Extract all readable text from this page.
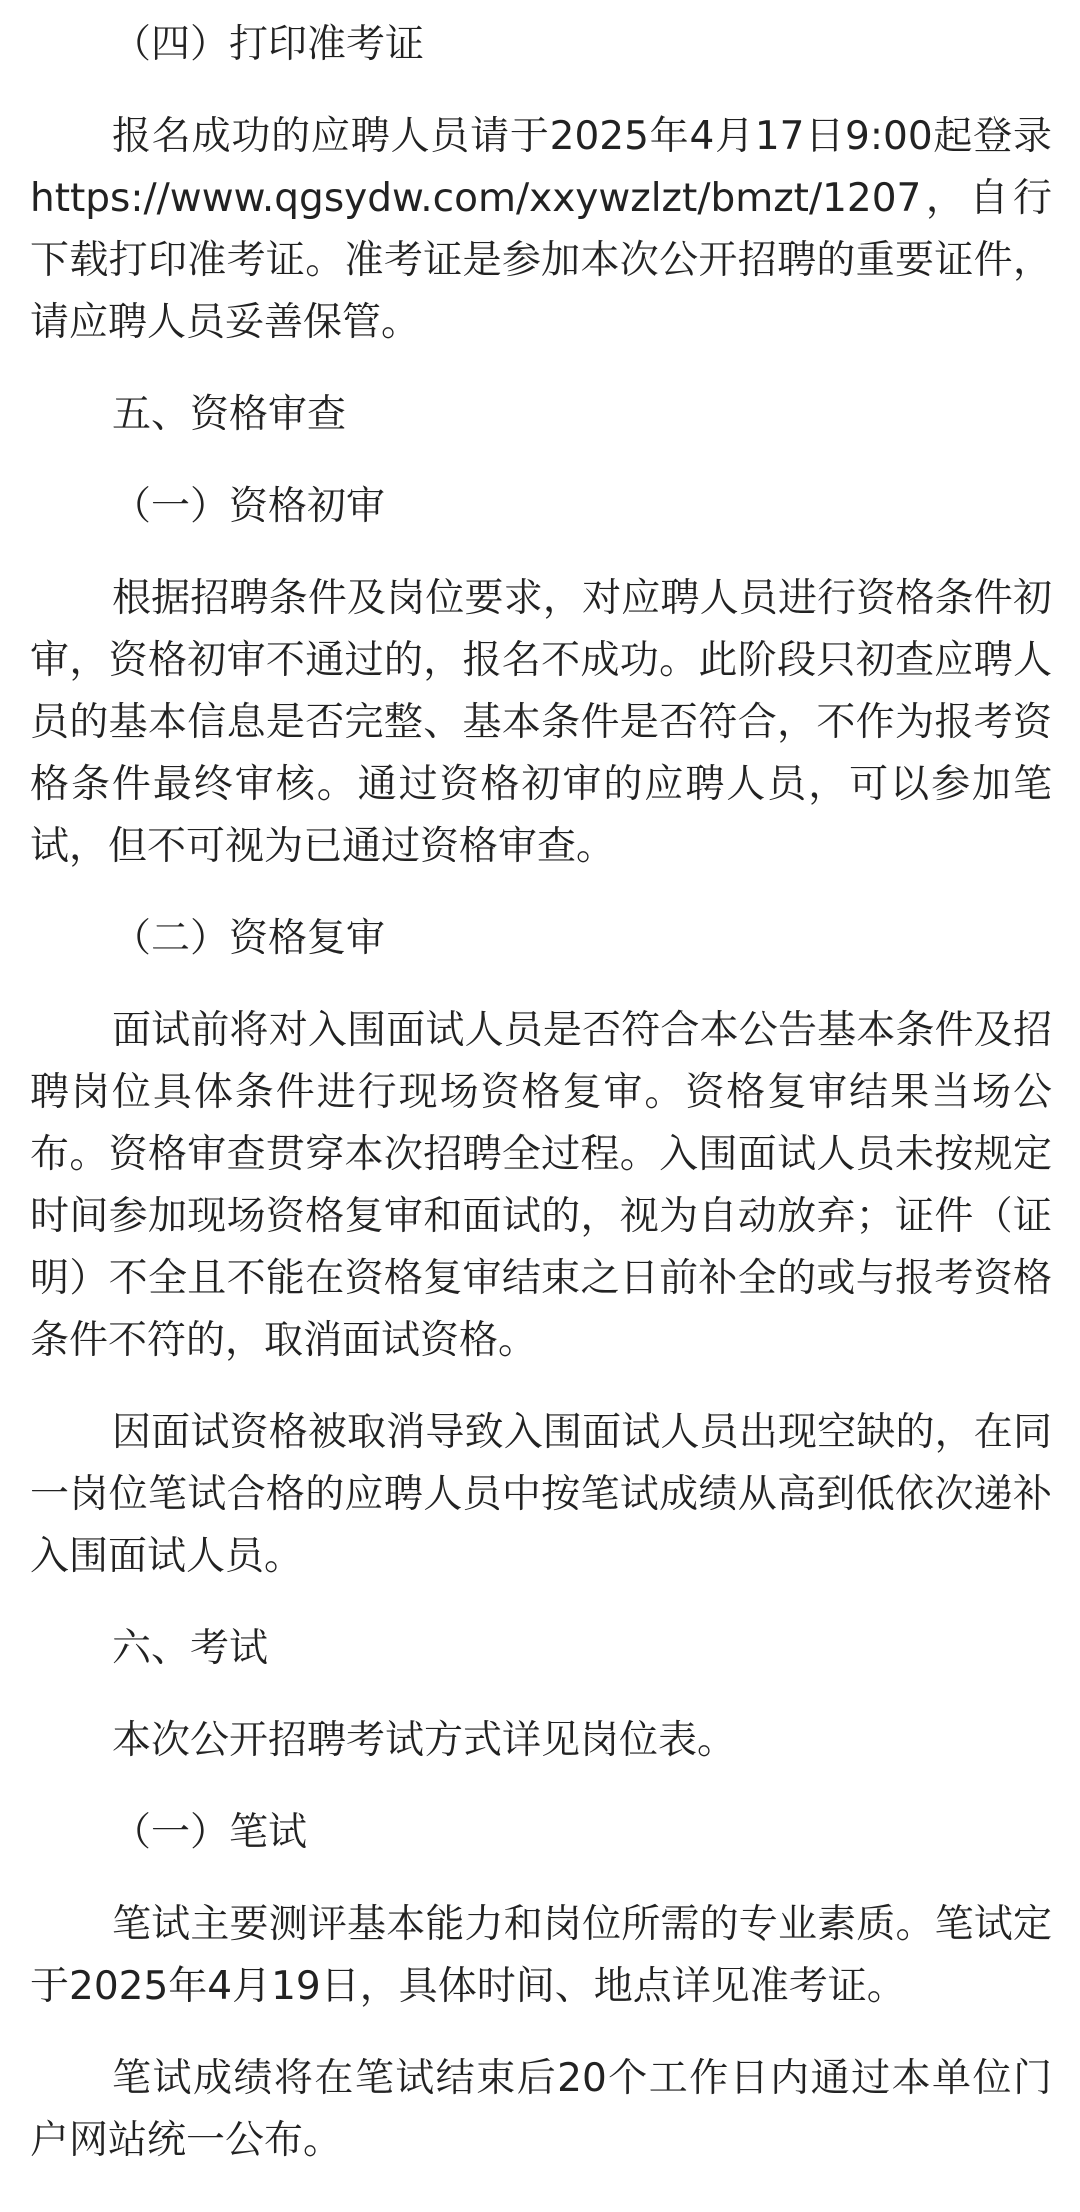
（四）打印准考证

报名成功的应聘人员请于2025年4月17日9:00起登录https://www.qgsydw.com/xxywzlzt/bmzt/1207，自行下载打印准考证。准考证是参加本次公开招聘的重要证件，请应聘人员妥善保管。

五、资格审查
（一）资格初审

根据招聘条件及岗位要求，对应聘人员进行资格条件初审，资格初审不通过的，报名不成功。此阶段只初查应聘人员的基本信息是否完整、基本条件是否符合，不作为报考资格条件最终审核。通过资格初审的应聘人员，可以参加笔试，但不可视为已通过资格审查。

（二）资格复审

面试前将对入围面试人员是否符合本公告基本条件及招聘岗位具体条件进行现场资格复审。资格复审结果当场公布。资格审查贯穿本次招聘全过程。入围面试人员未按规定时间参加现场资格复审和面试的，视为自动放弃；证件（证明）不全且不能在资格复审结束之日前补全的或与报考资格条件不符的，取消面试资格。

因面试资格被取消导致入围面试人员出现空缺的，在同一岗位笔试合格的应聘人员中按笔试成绩从高到低依次递补入围面试人员。

六、考试

本次公开招聘考试方式详见岗位表。

（一）笔试

笔试主要测评基本能力和岗位所需的专业素质。笔试定于2025年4月19日，具体时间、地点详见准考证。

笔试成绩将在笔试结束后20个工作日内通过本单位门户网站统一公布。
